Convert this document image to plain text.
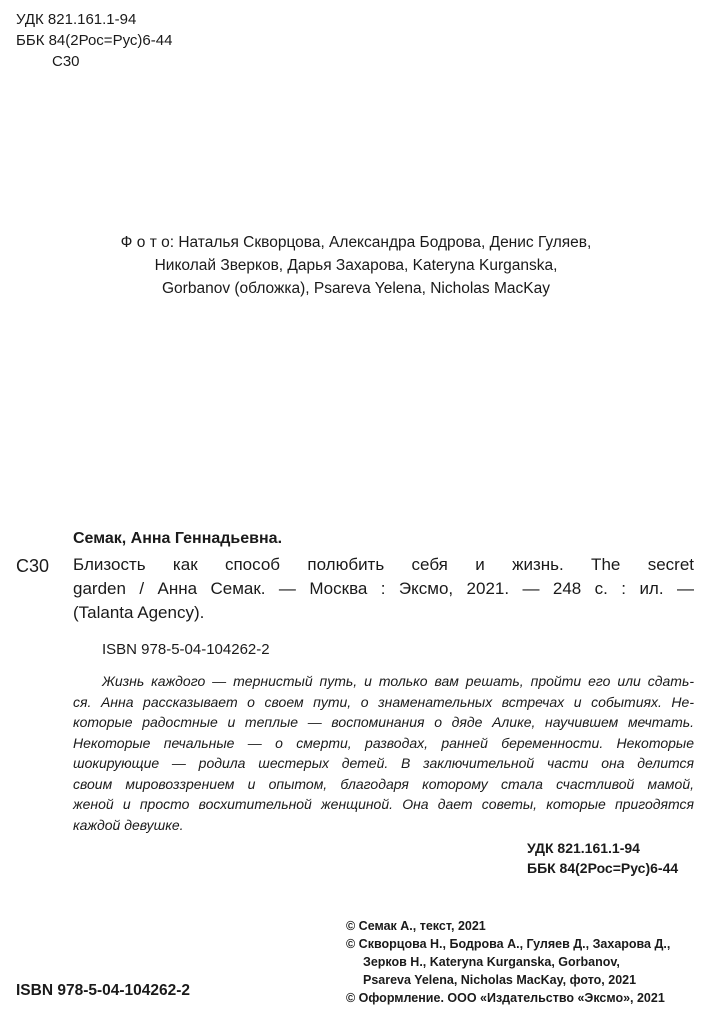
УДК 821.161.1-94
ББК 84(2Рос=Рус)6-44
С30
Ф о т о: Наталья Скворцова, Александра Бодрова, Денис Гуляев,
Николай Зверков, Дарья Захарова, Kateryna Kurganska,
Gorbanov (обложка), Psareva Yelena, Nicholas MacKay
Семак, Анна Геннадьевна.
С30 Близость как способ полюбить себя и жизнь. The secret
garden / Анна Семак. — Москва : Эксмо, 2021. — 248 с. : ил. —
(Talanta Agency).
ISBN 978-5-04-104262-2
Жизнь каждого — тернистый путь, и только вам решать, пройти его или сдать-
ся. Анна рассказывает о своем пути, о знаменательных встречах и событиях. Не-
которые радостные и теплые — воспоминания о дяде Алике, научившем мечтать.
Некоторые печальные — о смерти, разводах, ранней беременности. Некоторые
шокирующие — родила шестерых детей. В заключительной части она делится
своим мировоззрением и опытом, благодаря которому стала счастливой мамой,
женой и просто восхитительной женщиной. Она дает советы, которые пригодятся
каждой девушке.
УДК 821.161.1-94
ББК 84(2Рос=Рус)6-44
© Семак А., текст, 2021
© Скворцова Н., Бодрова А., Гуляев Д., Захарова Д.,
Зерков Н., Kateryna Kurganska, Gorbanov,
Psareva Yelena, Nicholas MacKay, фото, 2021
© Оформление. ООО «Издательство «Эксмо», 2021
ISBN 978-5-04-104262-2
